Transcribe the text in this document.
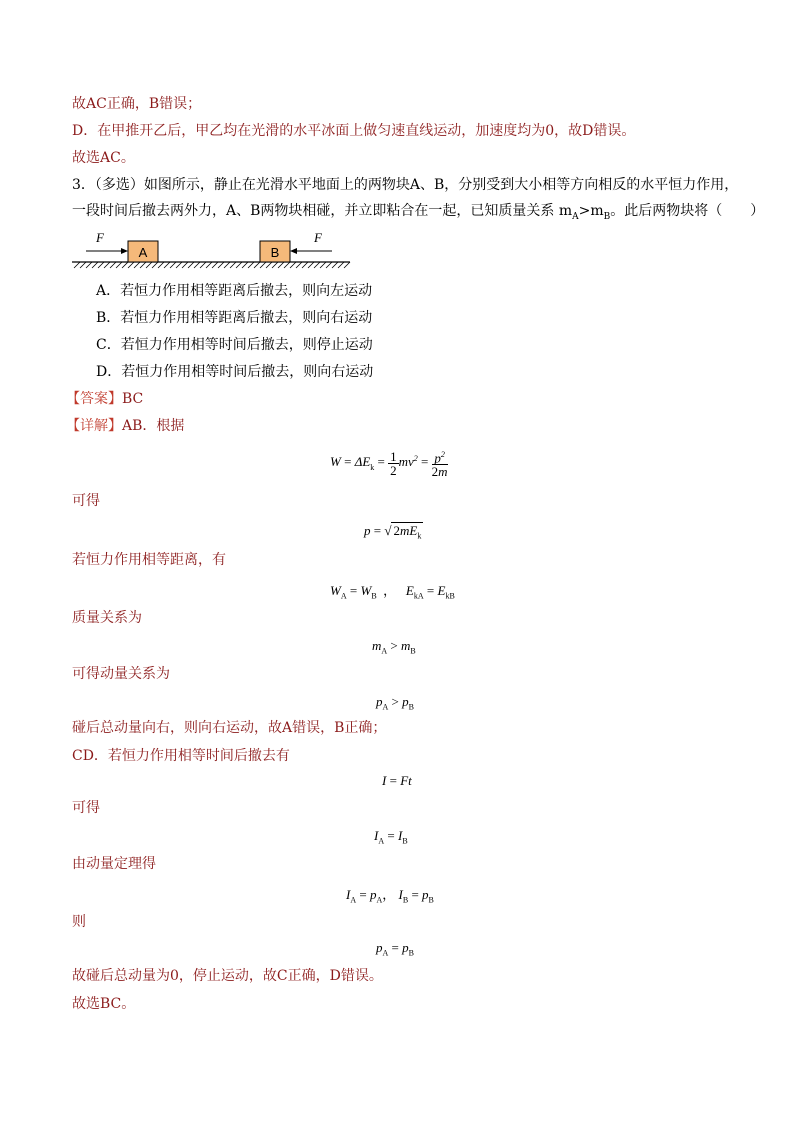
故AC正确，B错误；
D．在甲推开乙后，甲乙均在光滑的水平冰面上做匀速直线运动，加速度均为0，故D错误。
故选AC。
3．（多选）如图所示，静止在光滑水平地面上的两物块A、B，分别受到大小相等方向相反的水平恒力作用，
一段时间后撤去两外力，A、B两物块相碰，并立即粘合在一起，已知质量关系 $m_A>m_B$。此后两物块将（　　）
A	B
F	F
A．若恒力作用相等距离后撤去，则向左运动
B．若恒力作用相等距离后撤去，则向右运动
C．若恒力作用相等时间后撤去，则停止运动
D．若恒力作用相等时间后撤去，则向右运动
【答案】BC
【详解】AB．根据
$W = \Delta E_k = \frac{1}{2} mv^2 = \frac{p^2}{2m}$
可得
p = √ $2mE_k$
若恒力作用相等距离，有
$W_A = W_B$ ，   $E_{kA} = E_{kB}$
质量关系为
$m_A > m_B$
可得动量关系为
$p_A > p_B$
碰后总动量向右，则向右运动，故A错误，B正确；
CD．若恒力作用相等时间后撤去有
I = Ft
可得
$I_A = I_B$
由动量定理得
$I_A = p_A$， $I_B = p_B$
则
$p_A = p_B$
故碰后总动量为0，停止运动，故C正确，D错误。
故选BC。
